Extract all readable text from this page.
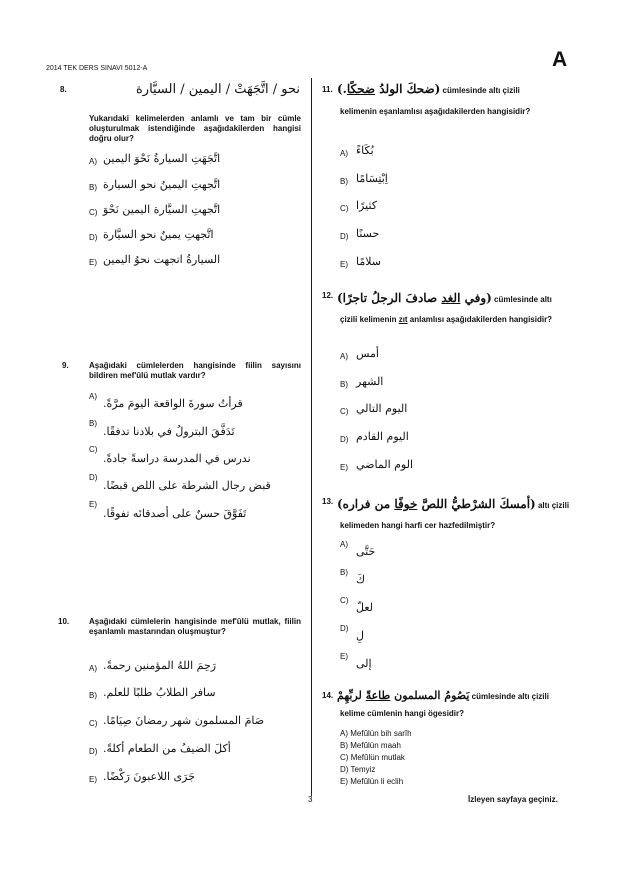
2014 TEK DERS SINAVI 5012-A	A
8.	نحو / اتَّجَهَتْ / اليمين / السيَّارة
Yukarıdaki kelimelerden anlamlı ve tam bir cümle oluşturulmak istendiğinde aşağıdakilerden hangisi doğru olur?
A) اتَّجَهَتِ السيارةُ نَحْوَ اليمين
B) اتَّجهتِ اليمينُ نحو السيارة
C) اتَّجهتِ السيَّارة اليمين نَحْوَ
D) اتَّجهتِ يمينٌ نحو السيَّارة
E) السيارةُ اتجهت نحوُ اليمين
9.	Aşağıdaki cümlelerden hangisinde fiilin sayısını bildiren mef'ûlü mutlak vardır?
A)
قرأتُ سورةَ الواقعة اليومَ مرَّةً.
B)
تَدَفَّقَ البترولُ في بلادنا تدفقًا.
C)
ندرس في المدرسة دراسةً جادةً.
D)
قبض رجال الشرطة على اللص قبضًا.
E)
تَفَوَّقَ حسنٌ على أصدقائه تفوقًا.
10. Aşağıdaki cümlelerin hangisinde mef'ûlü mutlak, fiilin eşanlamlı mastarından oluşmuştur?
A) رَحِمَ اللهُ المؤمنين رحمةً.
B) سافر الطلابُ طلبًا للعلم.
C) صَامَ المسلمون شهر رمضانَ صِيَامًا.
D) أكلَ الضيفُ من الطعام أكلةً.
E) جَرَى اللاعبونَ رَكْضًا.
11.	(ضحكَ الولدُ ضحكًا.)	cümlesinde altı çizili
kelimenin eşanlamlısı aşağıdakilerden hangisidir?
A) بُكَاءً
B) اِبْتِسَامًا
C) كثيرًا
D) حسنًا
E) سلامًا
12.	(وفي الغد صادفَ الرجلُ تاجرًا)	cümlesinde altı
çizili kelimenin zıt anlamlısı aşağıdakilerden hangisidir?
A) أمس
B) الشهر
C) اليوم التالي
D) اليوم القادم
E) الوم الماضي
13.	(أمسكَ الشرْطيُّ اللصَّ خوفًا من فراره)	altı çizili
kelimeden hangi harfi cer hazfedilmiştir?
A)
حَتَّى
B)
كَ
C)
لعلّ
D)
لِ
E)
إلى
14.	يَصُومُ المسلمون طاعةً لربِّهِمْ	cümlesinde altı çizili
kelime cümlenin hangi ögesidir?
A) Mefûlün bih sarîh
B) Mefûlün maah
C) Mefûlün mutlak
D) Temyiz
E) Mefûlün li eclih
3	İzleyen sayfaya geçiniz.
